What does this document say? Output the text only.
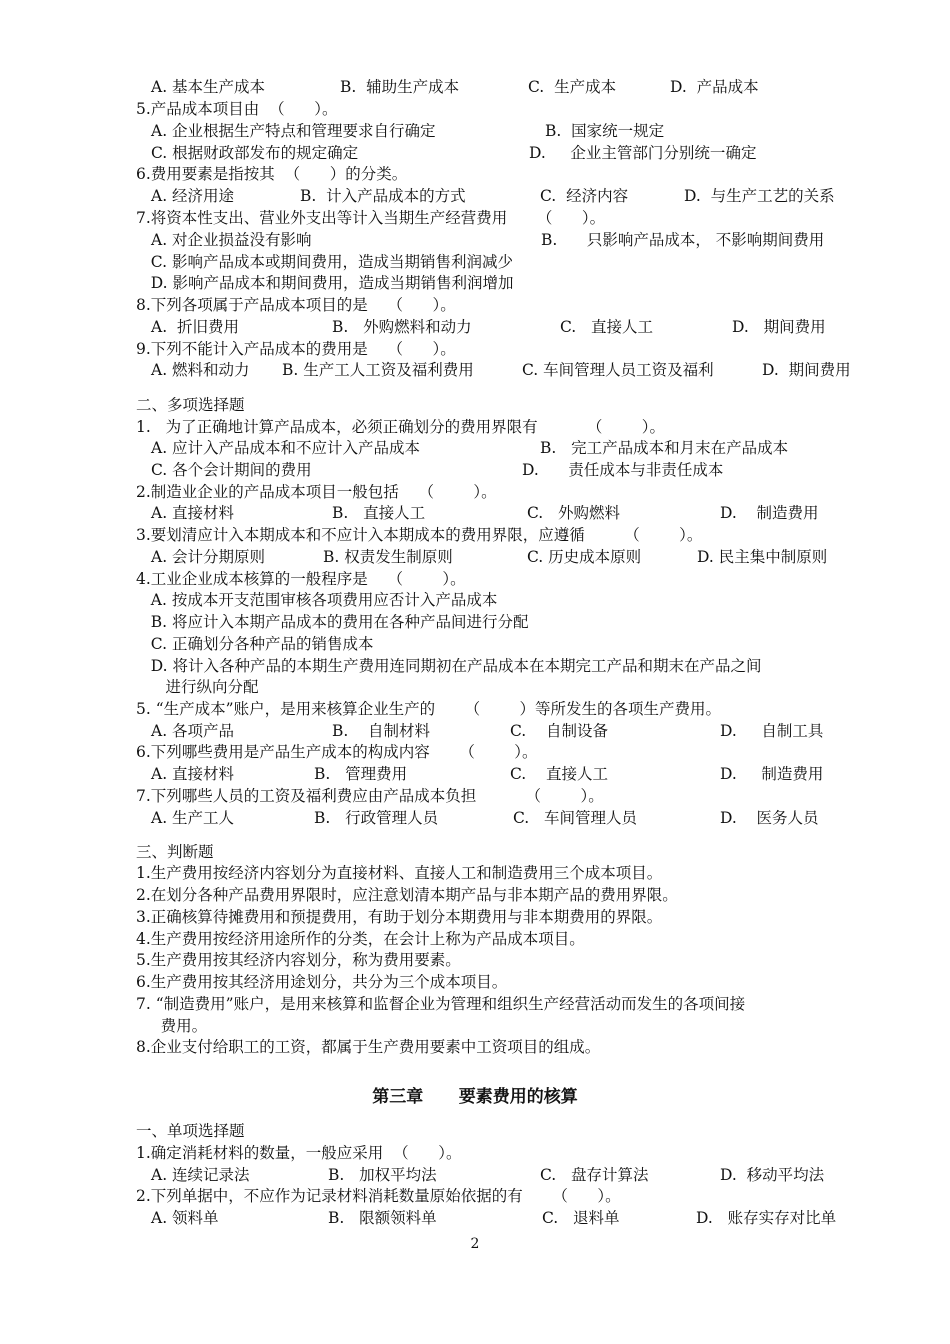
A. 基本生产成本	B.  辅助生产成本	C.  生产成本	D.  产品成本
5.产品成本项目由  （      ）。
A. 企业根据生产特点和管理要求自行确定	B.  国家统一规定
C. 根据财政部发布的规定确定	D.     企业主管部门分别统一确定
6.费用要素是指按其  （      ）的分类。
A. 经济用途	B.  计入产品成本的方式	C.  经济内容	D.  与生产工艺的关系
7.将资本性支出、营业外支出等计入当期生产经营费用      （      ）。
A. 对企业损益没有影响	B.      只影响产品成本， 不影响期间费用
C. 影响产品成本或期间费用，造成当期销售利润减少
D. 影响产品成本和期间费用，造成当期销售利润增加
8.下列各项属于产品成本项目的是    （      ）。
A.  折旧费用	B.   外购燃料和动力	C.   直接人工	D.   期间费用
9.下列不能计入产品成本的费用是    （      ）。
A. 燃料和动力 B. 生产工人工资及福利费用	C. 车间管理人员工资及福利	D.  期间费用
二、多项选择题
1.   为了正确地计算产品成本，必须正确划分的费用界限有          （        ）。
A. 应计入产品成本和不应计入产品成本	B.   完工产品成本和月末在产品成本
C. 各个会计期间的费用	D.      责任成本与非责任成本
2.制造业企业的产品成本项目一般包括    （        ）。
A. 直接材料	B.   直接人工	C.   外购燃料	D.    制造费用
3.要划清应计入本期成本和不应计入本期成本的费用界限，应遵循        （        ）。
A. 会计分期原则	B. 权责发生制原则	C. 历史成本原则	D. 民主集中制原则
4.工业企业成本核算的一般程序是    （        ）。
A. 按成本开支范围审核各项费用应否计入产品成本
B. 将应计入本期产品成本的费用在各种产品间进行分配
C. 正确划分各种产品的销售成本
D. 将计入各种产品的本期生产费用连同期初在产品成本在本期完工产品和期末在产品之间
进行纵向分配
5. “生产成本”账户，是用来核算企业生产的      （        ）等所发生的各项生产费用。
A. 各项产品	B.    自制材料	C.    自制设备	D.     自制工具
6.下列哪些费用是产品生产成本的构成内容      （        ）。
A. 直接材料	B.   管理费用	C.    直接人工	D.     制造费用
7.下列哪些人员的工资及福利费应由产品成本负担          （        ）。
A. 生产工人	B.   行政管理人员	C.   车间管理人员	D.    医务人员
三、判断题
1.生产费用按经济内容划分为直接材料、直接人工和制造费用三个成本项目。
2.在划分各种产品费用界限时，应注意划清本期产品与非本期产品的费用界限。
3.正确核算待摊费用和预提费用，有助于划分本期费用与非本期费用的界限。
4.生产费用按经济用途所作的分类，在会计上称为产品成本项目。
5.生产费用按其经济内容划分，称为费用要素。
6.生产费用按其经济用途划分，共分为三个成本项目。
7. “制造费用”账户，是用来核算和监督企业为管理和组织生产经营活动而发生的各项间接
费用。
8.企业支付给职工的工资，都属于生产费用要素中工资项目的组成。
一、单项选择题
1.确定消耗材料的数量，一般应采用  （      ）。
A. 连续记录法	B.   加权平均法	C.   盘存计算法	D.  移动平均法
2.下列单据中，不应作为记录材料消耗数量原始依据的有      （      ）。
A. 领料单	B.   限额领料单	C.   退料单	D.   账存实存对比单
第三章      要素费用的核算
2
